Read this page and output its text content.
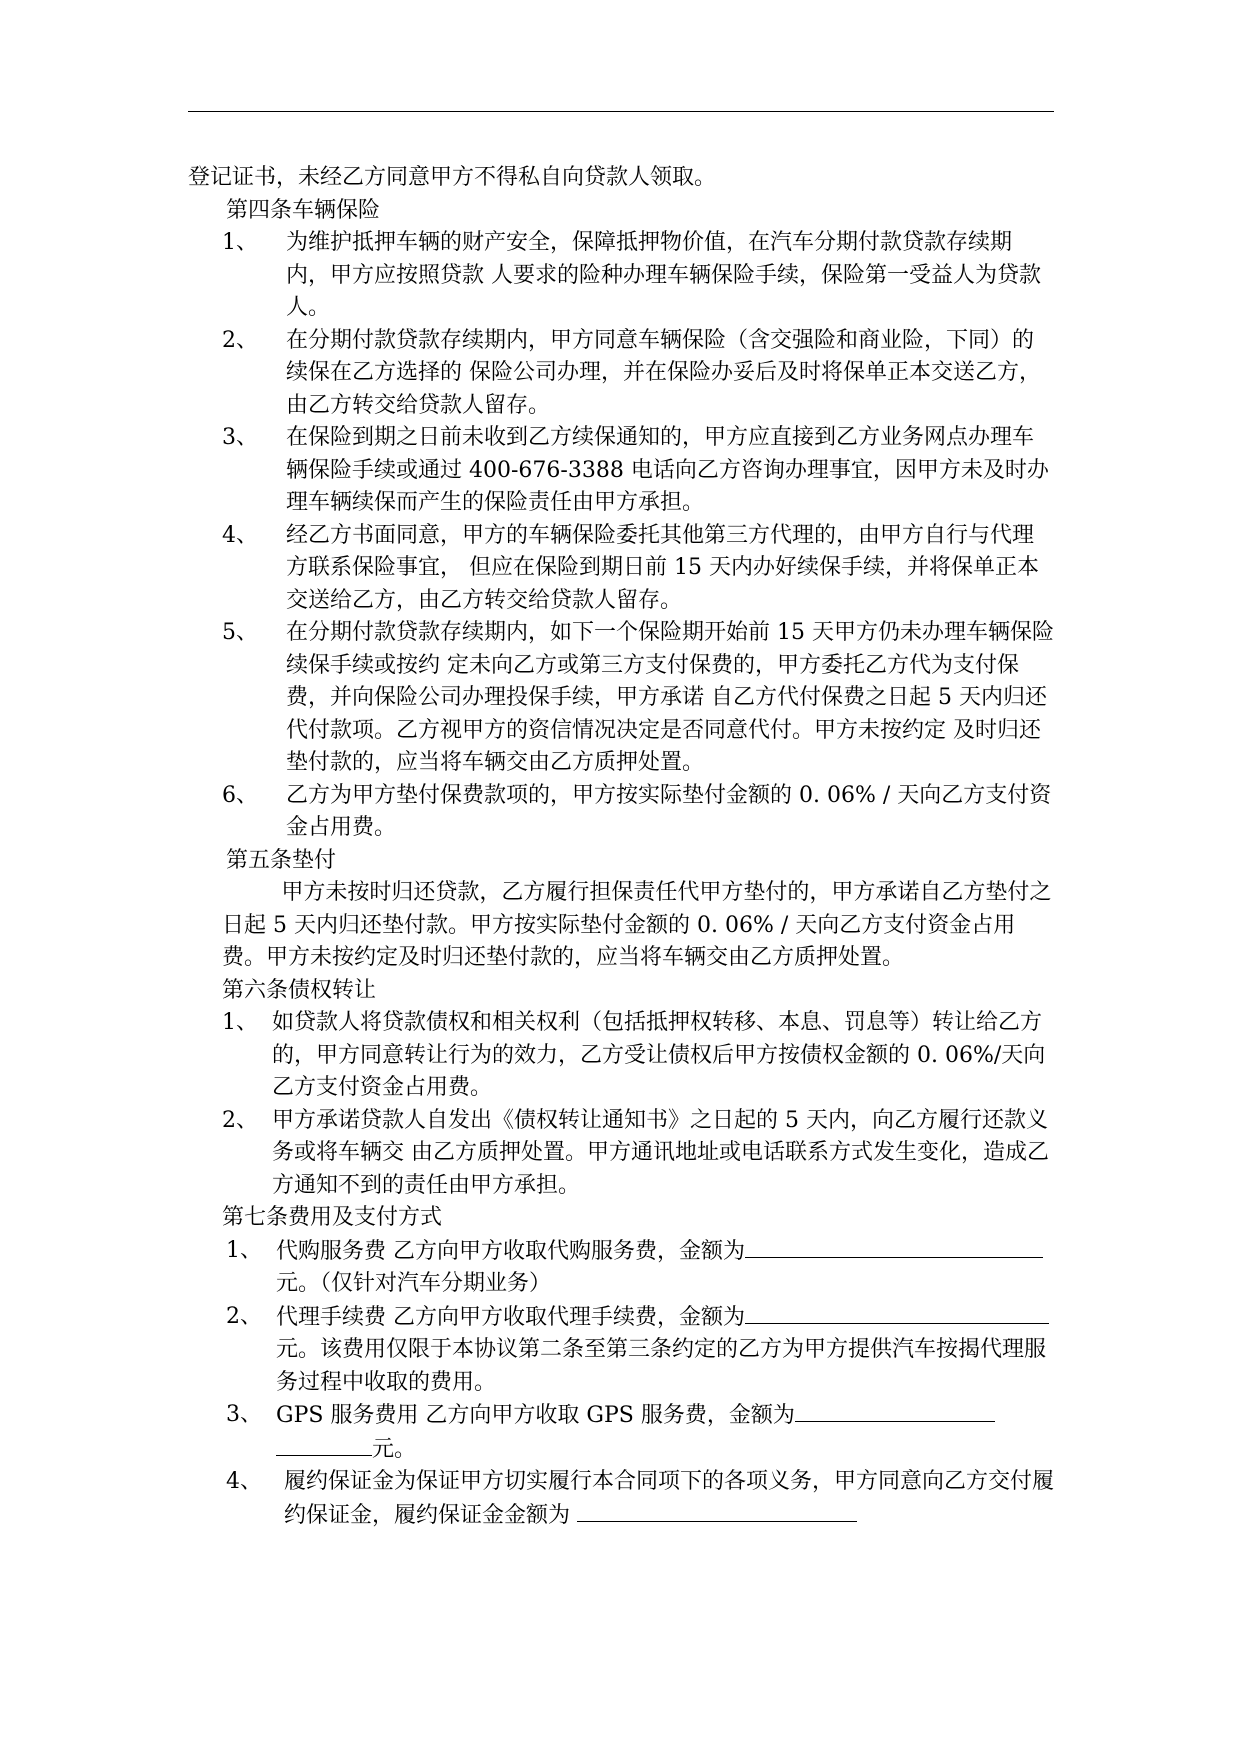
登记证书，未经乙方同意甲方不得私自向贷款人领取。

第四条车辆保险

1、	为维护抵押车辆的财产安全，保障抵押物价值，在汽车分期付款贷款存续期内，甲方应按照贷款 人要求的险种办理车辆保险手续，保险第一受益人为贷款人。
2、	在分期付款贷款存续期内，甲方同意车辆保险（含交强险和商业险，下同）的续保在乙方选择的 保险公司办理，并在保险办妥后及时将保单正本交送乙方，由乙方转交给贷款人留存。
3、	在保险到期之日前未收到乙方续保通知的，甲方应直接到乙方业务网点办理车辆保险手续或通过 400-676-3388 电话向乙方咨询办理事宜，因甲方未及时办理车辆续保而产生的保险责任由甲方承担。
4、	经乙方书面同意，甲方的车辆保险委托其他第三方代理的，由甲方自行与代理方联系保险事宜， 但应在保险到期日前 15 天内办好续保手续，并将保单正本交送给乙方，由乙方转交给贷款人留存。
5、	在分期付款贷款存续期内，如下一个保险期开始前 15 天甲方仍未办理车辆保险续保手续或按约 定未向乙方或第三方支付保费的，甲方委托乙方代为支付保费，并向保险公司办理投保手续，甲方承诺 自乙方代付保费之日起 5 天内归还代付款项。乙方视甲方的资信情况决定是否同意代付。甲方未按约定 及时归还垫付款的，应当将车辆交由乙方质押处置。
6、	乙方为甲方垫付保费款项的，甲方按实际垫付金额的 0. 06% / 天向乙方支付资金占用费。

第五条垫付

甲方未按时归还贷款，乙方履行担保责任代甲方垫付的，甲方承诺自乙方垫付之日起 5 天内归还垫付款。甲方按实际垫付金额的 0. 06% / 天向乙方支付资金占用费。甲方未按约定及时归还垫付款的，应当将车辆交由乙方质押处置。

第六条债权转让

1、 如贷款人将贷款债权和相关权利（包括抵押权转移、本息、罚息等）转让给乙方的，甲方同意转让行为的效力，乙方受让债权后甲方按债权金额的 0. 06%/天向乙方支付资金占用费。
2、 甲方承诺贷款人自发出《债权转让通知书》之日起的 5 天内，向乙方履行还款义务或将车辆交 由乙方质押处置。甲方通讯地址或电话联系方式发生变化，造成乙方通知不到的责任由甲方承担。

第七条费用及支付方式

1、 代购服务费 乙方向甲方收取代购服务费，金额为元。（仅针对汽车分期业务）
2、 代理手续费 乙方向甲方收取代理手续费，金额为元。该费用仅限于本协议第二条至第三条约定的乙方为甲方提供汽车按揭代理服务过程中收取的费用。
3、 GPS 服务费用 乙方向甲方收取 GPS 服务费，金额为元。
4、	履约保证金为保证甲方切实履行本合同项下的各项义务，甲方同意向乙方交付履约保证金，履约保证金金额为
